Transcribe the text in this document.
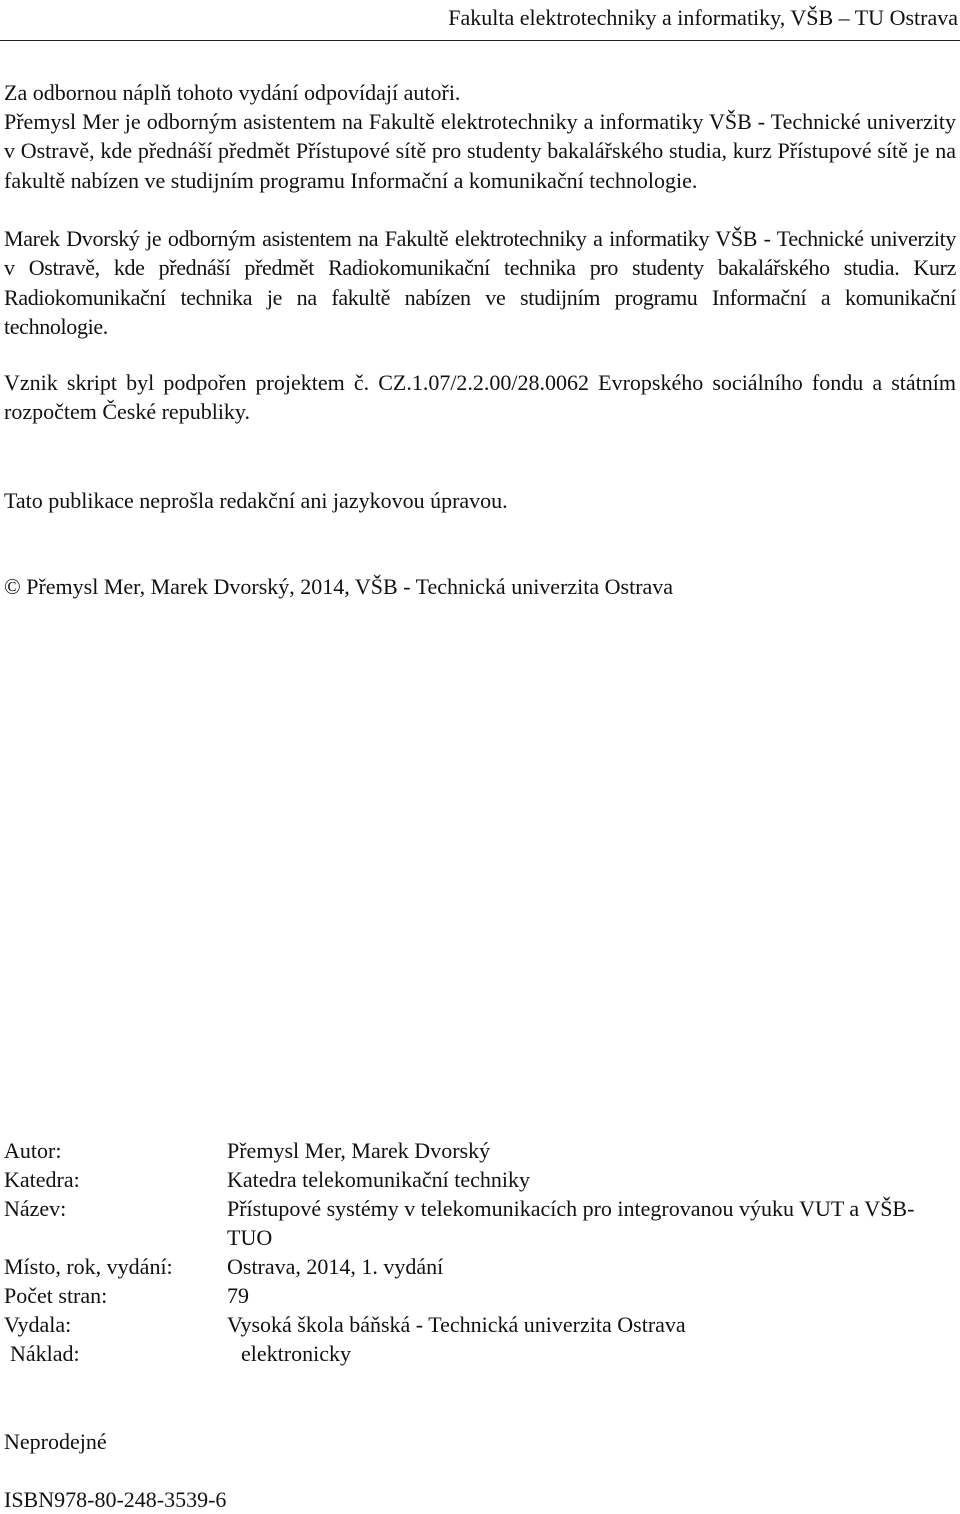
Fakulta elektrotechniky a informatiky, VŠB – TU Ostrava
Za odbornou náplň tohoto vydání odpovídají autoři.
Přemysl Mer je odborným asistentem na Fakultě elektrotechniky a informatiky VŠB - Technické univerzity v Ostravě, kde přednáší předmět Přístupové sítě pro studenty bakalářského studia, kurz Přístupové sítě je na fakultě nabízen ve studijním programu Informační a komunikační technologie.
Marek Dvorský je odborným asistentem na Fakultě elektrotechniky a informatiky VŠB - Technické univerzity v Ostravě, kde přednáší předmět Radiokomunikační technika pro studenty bakalářského studia. Kurz Radiokomunikační technika je na fakultě nabízen ve studijním programu Informační a komunikační technologie.
Vznik skript byl podpořen projektem č. CZ.1.07/2.2.00/28.0062 Evropského sociálního fondu a státním rozpočtem České republiky.
Tato publikace neprošla redakční ani jazykovou úpravou.
© Přemysl Mer, Marek Dvorský, 2014, VŠB - Technická univerzita Ostrava
Autor:	Přemysl Mer, Marek Dvorský
Katedra:	Katedra telekomunikační techniky
Název:	Přístupové systémy v telekomunikacích pro integrovanou výuku VUT a VŠB-TUO
Místo, rok, vydání: Ostrava, 2014, 1. vydání
Počet stran:	79
Vydala:	Vysoká škola báňská - Technická univerzita Ostrava
Náklad:	elektronicky
Neprodejné
ISBN978-80-248-3539-6
